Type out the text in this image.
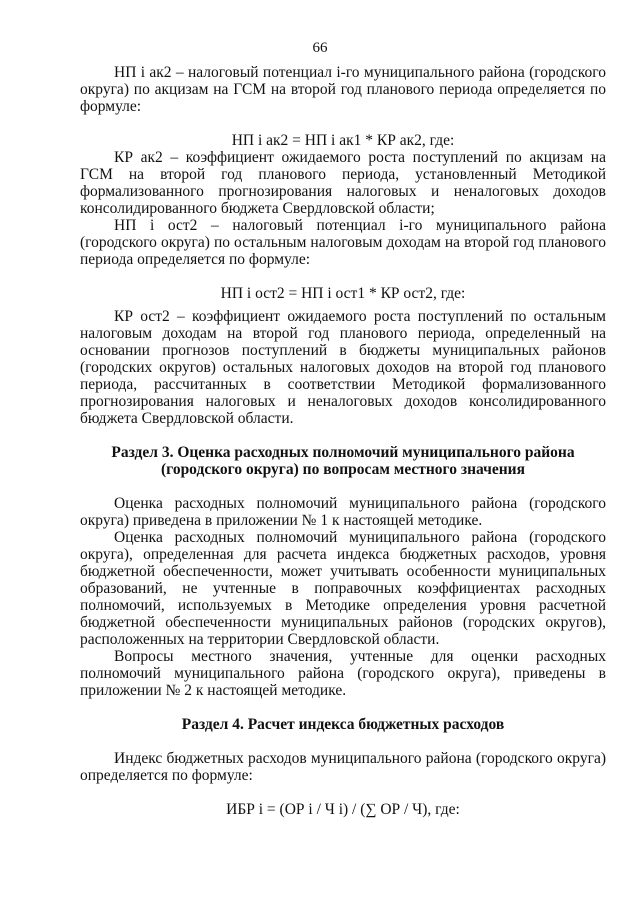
66

НП i ак2 – налоговый потенциал i-го муниципального района (городского округа) по акцизам на ГСМ на второй год планового периода определяется по формуле:

НП i ак2 = НП i ак1 * КР ак2, где:

КР ак2 – коэффициент ожидаемого роста поступлений по акцизам на ГСМ на второй год планового периода, установленный Методикой формализованного прогнозирования налоговых и неналоговых доходов консолидированного бюджета Свердловской области;

НП i ост2 – налоговый потенциал i-го муниципального района (городского округа) по остальным налоговым доходам на второй год планового периода определяется по формуле:

НП i ост2 = НП i ост1 * КР ост2, где:

КР ост2 – коэффициент ожидаемого роста поступлений по остальным налоговым доходам на второй год планового периода, определенный на основании прогнозов поступлений в бюджеты муниципальных районов (городских округов) остальных налоговых доходов на второй год планового периода, рассчитанных в соответствии Методикой формализованного прогнозирования налоговых и неналоговых доходов консолидированного бюджета Свердловской области.

Раздел 3. Оценка расходных полномочий муниципального района
(городского округа) по вопросам местного значения

Оценка расходных полномочий муниципального района (городского округа) приведена в приложении № 1 к настоящей методике.

Оценка расходных полномочий муниципального района (городского округа), определенная для расчета индекса бюджетных расходов, уровня бюджетной обеспеченности, может учитывать особенности муниципальных образований, не учтенные в поправочных коэффициентах расходных полномочий, используемых в Методике определения уровня расчетной бюджетной обеспеченности муниципальных районов (городских округов), расположенных на территории Свердловской области.

Вопросы местного значения, учтенные для оценки расходных полномочий муниципального района (городского округа), приведены в приложении № 2 к настоящей методике.

Раздел 4. Расчет индекса бюджетных расходов

Индекс бюджетных расходов муниципального района (городского округа) определяется по формуле:

ИБР i = (ОР i / Ч i) / (∑ ОР / Ч), где:
